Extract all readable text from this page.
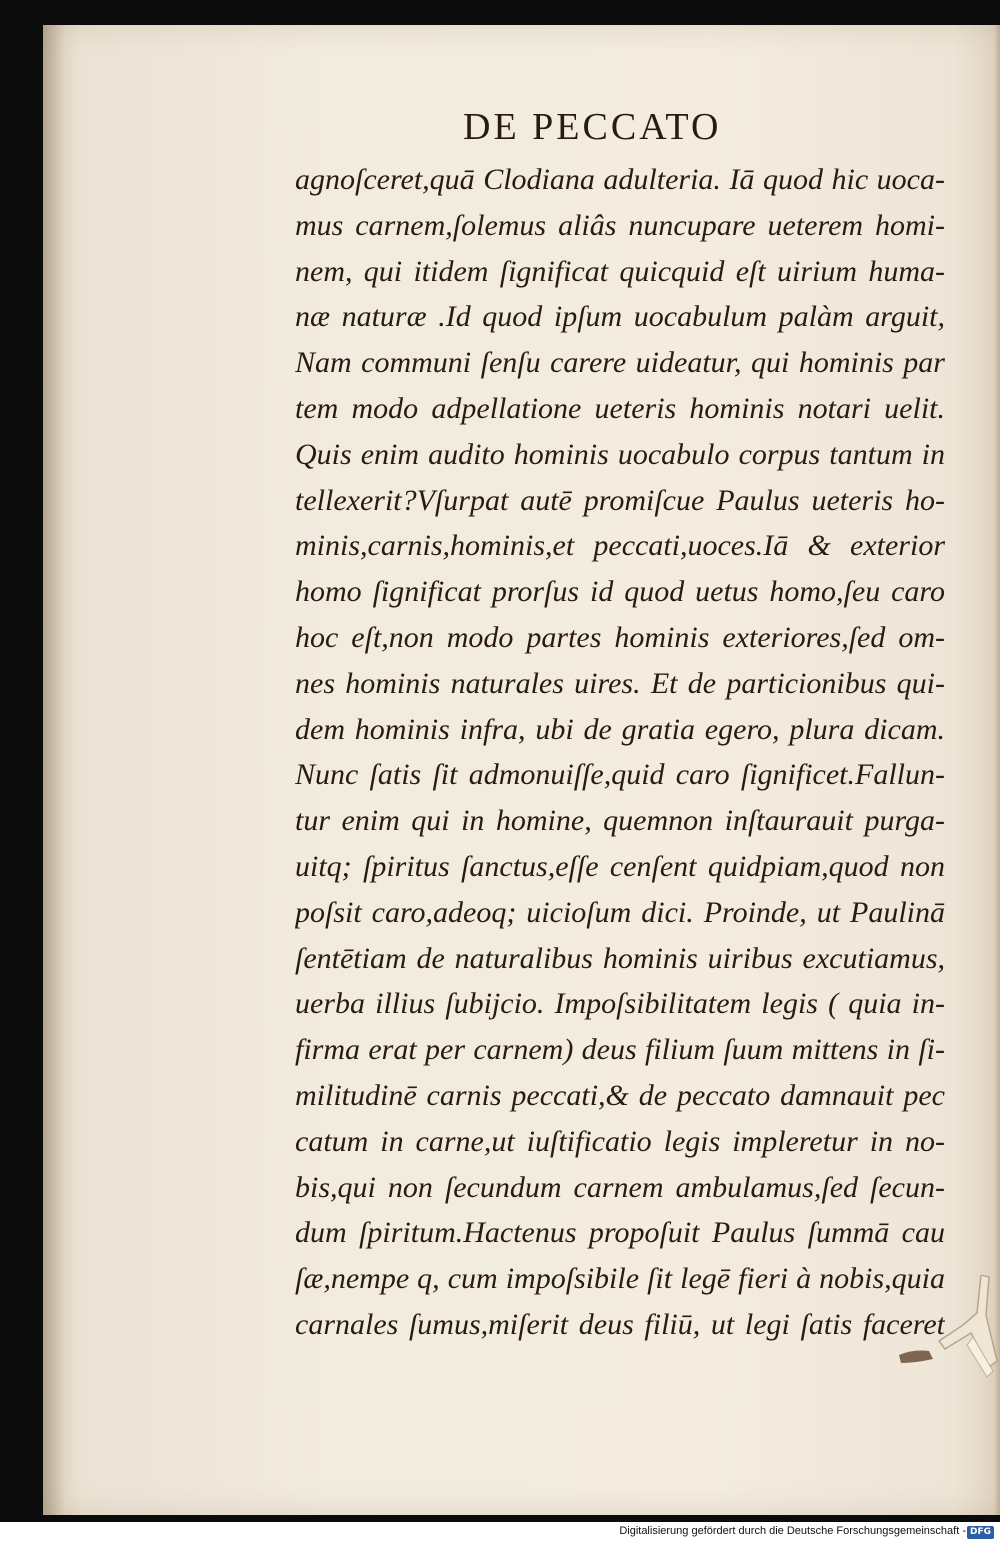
DE PECCATO
agnoſceret,quā Clodiana adulteria. Iā quod hic uoca-
mus carnem,ſolemus aliâs nuncupare ueterem homi-
nem, qui itidem ſignificat quicquid eſt uirium huma-
næ naturæ .Id quod ipſum uocabulum palàm arguit,
Nam communi ſenſu carere uideatur, qui hominis par
tem modo adpellatione ueteris hominis notari uelit.
Quis enim audito hominis uocabulo corpus tantum in
tellexerit?Vſurpat autē promiſcue Paulus ueteris ho-
minis,carnis,hominis,et peccati,uoces.Iā & exterior
homo ſignificat prorſus id quod uetus homo,ſeu caro
hoc eſt,non modo partes hominis exteriores,ſed om-
nes hominis naturales uires. Et de particionibus qui-
dem hominis infra, ubi de gratia egero, plura dicam.
Nunc ſatis ſit admonuiſſe,quid caro ſignificet.Fallun-
tur enim qui in homine, quemnon inſtaurauit purga-
uitq; ſpiritus ſanctus,eſſe cenſent quidpiam,quod non
poſsit caro,adeoq; uicioſum dici. Proinde, ut Paulinā
ſentētiam de naturalibus hominis uiribus excutiamus,
uerba illius ſubijcio. Impoſsibilitatem legis ( quia in-
firma erat per carnem) deus filium ſuum mittens in ſi-
militudinē carnis peccati,& de peccato damnauit pec
catum in carne,ut iuſtificatio legis impleretur in no-
bis,qui non ſecundum carnem ambulamus,ſed ſecun-
dum ſpiritum.Hactenus propoſuit Paulus ſummā cau
ſæ,nempe q, cum impoſsibile ſit legē fieri à nobis,quia
carnales ſumus,miſerit deus filiū, ut legi ſatis faceret
Digitalisierung gefördert durch die Deutsche Forschungsgemeinschaft - DFG
